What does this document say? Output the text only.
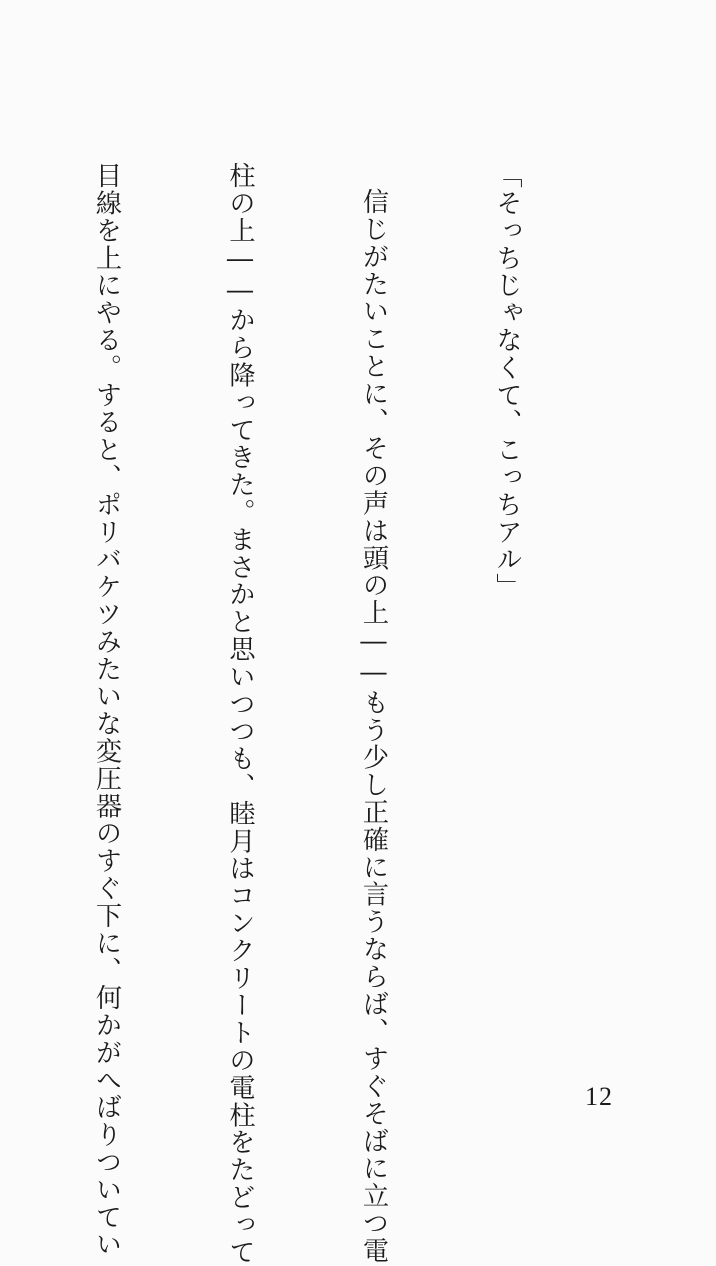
「そっちじゃなくて、こっちアル」

信じがたいことに、その声は頭の上――もう少し正確に言うならば、すぐそばに立つ電

柱の上――から降ってきた。まさかと思いつつも、睦月はコンクリートの電柱をたどって

目線を上にやる。すると、ポリバケツみたいな変圧器のすぐ下に、何かがへばりついてい

	12
